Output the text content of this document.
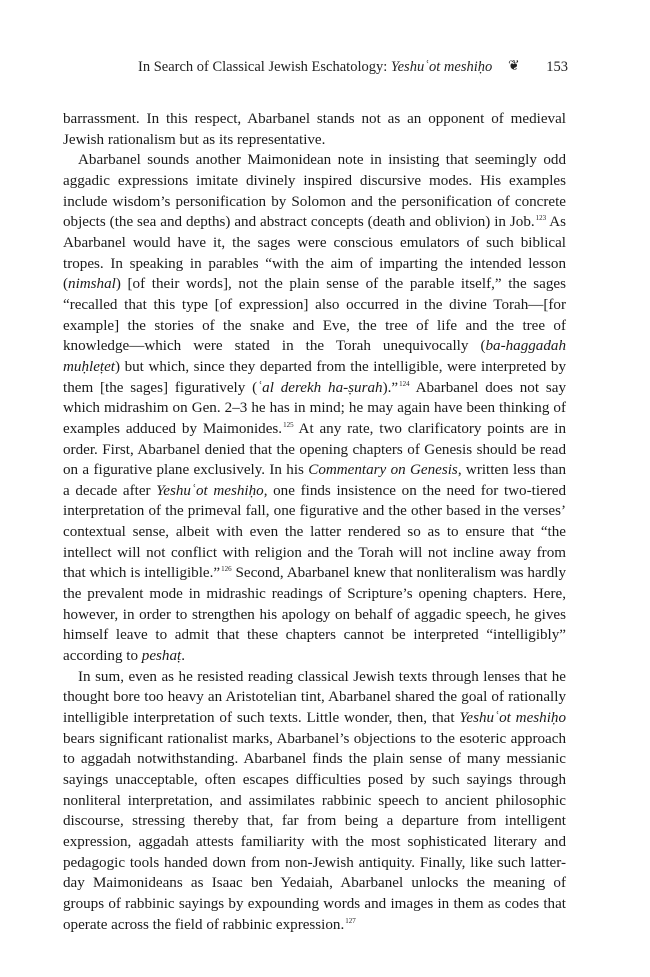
In Search of Classical Jewish Eschatology: Yeshuʿot meshiḥo ❦ 153

barrassment. In this respect, Abarbanel stands not as an opponent of medieval Jewish rationalism but as its representative.

Abarbanel sounds another Maimonidean note in insisting that seemingly odd aggadic expressions imitate divinely inspired discursive modes. His examples include wisdom’s personification by Solomon and the personification of concrete objects (the sea and depths) and abstract concepts (death and oblivion) in Job.$^{123}$ As Abarbanel would have it, the sages were conscious emulators of such biblical tropes. In speaking in parables “with the aim of imparting the intended lesson (nimshal) [of their words], not the plain sense of the parable itself,” the sages “recalled that this type [of expression] also occurred in the divine Torah—[for example] the stories of the snake and Eve, the tree of life and the tree of knowledge—which were stated in the Torah unequivocally (ba-haggadah muḥleṭet) but which, since they departed from the intelligible, were interpreted by them [the sages] figuratively (ʿal derekh ha-ṣurah).”$^{124}$ Abarbanel does not say which midrashim on Gen. 2–3 he has in mind; he may again have been thinking of examples adduced by Maimonides.$^{125}$ At any rate, two clarificatory points are in order. First, Abarbanel denied that the opening chapters of Genesis should be read on a figurative plane exclusively. In his Commentary on Genesis, written less than a decade after Yeshuʿot meshiḥo, one finds insistence on the need for two-tiered interpretation of the primeval fall, one figurative and the other based in the verses’ contextual sense, albeit with even the latter rendered so as to ensure that “the intellect will not conflict with religion and the Torah will not incline away from that which is intelligible.”$^{126}$ Second, Abarbanel knew that nonliteralism was hardly the prevalent mode in midrashic readings of Scripture’s opening chapters. Here, however, in order to strengthen his apology on behalf of aggadic speech, he gives himself leave to admit that these chapters cannot be interpreted “intelligibly” according to peshaṭ.

In sum, even as he resisted reading classical Jewish texts through lenses that he thought bore too heavy an Aristotelian tint, Abarbanel shared the goal of rationally intelligible interpretation of such texts. Little wonder, then, that Yeshuʿot meshiḥo bears significant rationalist marks, Abarbanel’s objections to the esoteric approach to aggadah notwithstanding. Abarbanel finds the plain sense of many messianic sayings unacceptable, often escapes difficulties posed by such sayings through nonliteral interpretation, and assimilates rabbinic speech to ancient philosophic discourse, stressing thereby that, far from being a departure from intelligent expression, aggadah attests familiarity with the most sophisticated literary and pedagogic tools handed down from non-Jewish antiquity. Finally, like such latter-day Maimonideans as Isaac ben Yedaiah, Abarbanel unlocks the meaning of groups of rabbinic sayings by expounding words and images in them as codes that operate across the field of rabbinic expression.$^{127}$
